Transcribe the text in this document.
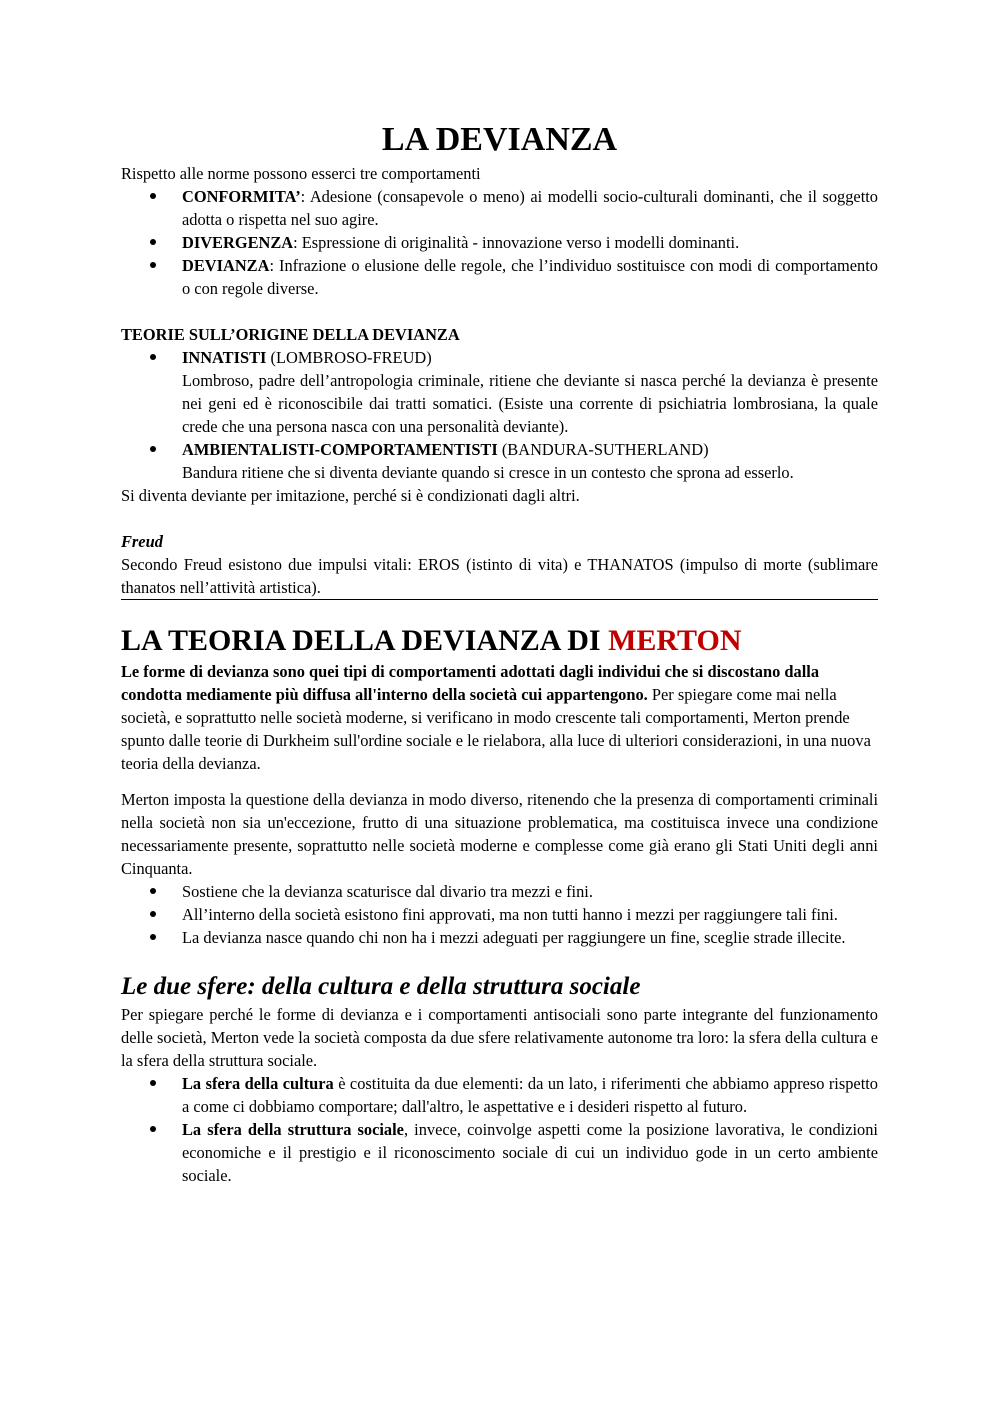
LA DEVIANZA

Rispetto alle norme possono esserci tre comportamenti

CONFORMITA’: Adesione (consapevole o meno) ai modelli socio-culturali dominanti, che il soggetto adotta o rispetta nel suo agire.
DIVERGENZA: Espressione di originalità - innovazione verso i modelli dominanti.
DEVIANZA: Infrazione o elusione delle regole, che l’individuo sostituisce con modi di comportamento o con regole diverse.

TEORIE SULL’ORIGINE DELLA DEVIANZA

INNATISTI (LOMBROSO-FREUD)

Lombroso, padre dell’antropologia criminale, ritiene che deviante si nasca perché la devianza è presente nei geni ed è riconoscibile dai tratti somatici. (Esiste una corrente di psichiatria lombrosiana, la quale crede che una persona nasca con una personalità deviante).

AMBIENTALISTI-COMPORTAMENTISTI (BANDURA-SUTHERLAND)

Bandura ritiene che si diventa deviante quando si cresce in un contesto che sprona ad esserlo.

Si diventa deviante per imitazione, perché si è condizionati dagli altri.

Freud

Secondo Freud esistono due impulsi vitali: EROS (istinto di vita) e THANATOS (impulso di morte (sublimare thanatos nell’attività artistica).

LA TEORIA DELLA DEVIANZA DI MERTON

Le forme di devianza sono quei tipi di comportamenti adottati dagli individui che si discostano dalla condotta mediamente più diffusa all'interno della società cui appartengono. Per spiegare come mai nella società, e soprattutto nelle società moderne, si verificano in modo crescente tali comportamenti, Merton prende spunto dalle teorie di Durkheim sull'ordine sociale e le rielabora, alla luce di ulteriori considerazioni, in una nuova teoria della devianza.

Merton imposta la questione della devianza in modo diverso, ritenendo che la presenza di comportamenti criminali nella società non sia un'eccezione, frutto di una situazione problematica, ma costituisca invece una condizione necessariamente presente, soprattutto nelle società moderne e complesse come già erano gli Stati Uniti degli anni Cinquanta.

Sostiene che la devianza scaturisce dal divario tra mezzi e fini.
All’interno della società esistono fini approvati, ma non tutti hanno i mezzi per raggiungere tali fini.
La devianza nasce quando chi non ha i mezzi adeguati per raggiungere un fine, sceglie strade illecite.
Le due sfere: della cultura e della struttura sociale

Per spiegare perché le forme di devianza e i comportamenti antisociali sono parte integrante del funzionamento delle società, Merton vede la società composta da due sfere relativamente autonome tra loro: la sfera della cultura e la sfera della struttura sociale.

La sfera della cultura è costituita da due elementi: da un lato, i riferimenti che abbiamo appreso rispetto a come ci dobbiamo comportare; dall'altro, le aspettative e i desideri rispetto al futuro.
La sfera della struttura sociale, invece, coinvolge aspetti come la posizione lavorativa, le condizioni economiche e il prestigio e il riconoscimento sociale di cui un individuo gode in un certo ambiente sociale.
